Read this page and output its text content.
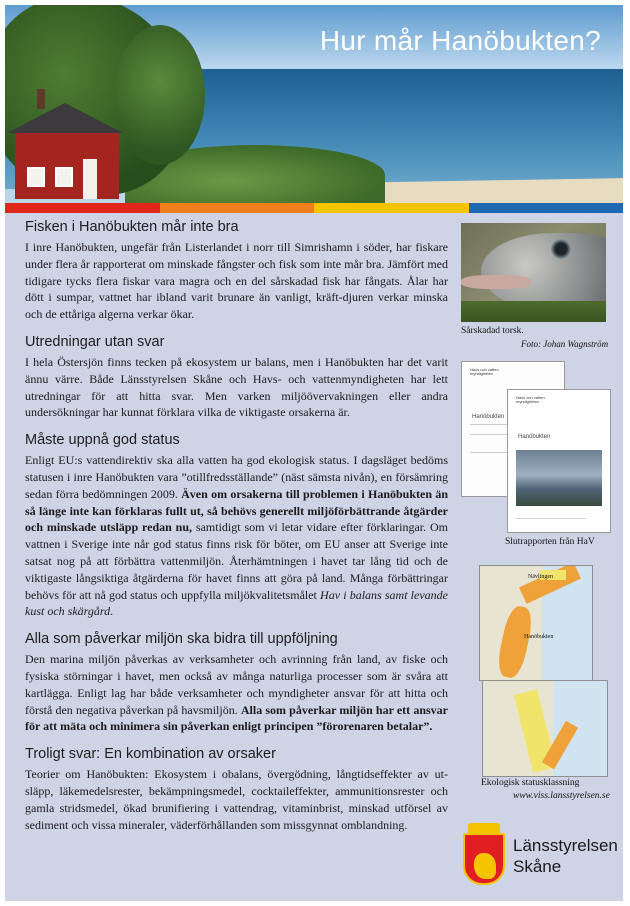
Hur mår Hanöbukten?
Fisken i Hanöbukten mår inte bra

I inre Hanöbukten, ungefär från Listerlandet i norr till Simrishamn i söder, har fiskare under flera år rapporterat om minskade fångster och fisk som inte mår bra. Jämfört med tidigare tycks flera fiskar vara magra och en del sårskadad fisk har fångats. Ålar har dött i sumpar, vattnet har ibland varit brunare än vanligt, kräft-djuren verkar minska och de ettåriga algerna verkar ökar.

Utredningar utan svar

I hela Östersjön finns tecken på ekosystem ur balans, men i Hanöbukten har det varit ännu värre. Både Länsstyrelsen Skåne och Havs- och vattenmyndigheten har lett utredningar för att hitta svar. Men varken miljöövervakningen eller andra undersökningar har kunnat förklara vilka de viktigaste orsakerna är.

Måste uppnå god status

Enligt EU:s vattendirektiv ska alla vatten ha god ekologisk status. I dagsläget bedöms statusen i inre Hanöbukten vara ”otillfredsställande” (näst sämsta nivån), en försämring sedan förra bedömningen 2009. Även om orsakerna till problemen i Hanöbukten än så länge inte kan förklaras fullt ut, så behövs generellt miljöförbättrande åtgärder och minskade utsläpp redan nu, samtidigt som vi letar vidare efter förklaringar. Om vattnen i Sverige inte når god status finns risk för böter, om EU anser att Sverige inte satsat nog på att förbättra vattenmiljön. Återhämtningen i havet tar lång tid och de viktigaste långsiktiga åtgärderna för havet finns att göra på land. Många förbättringar behövs för att nå god status och uppfylla miljökvalitetsmålet Hav i balans samt levande kust och skärgård.

Alla som påverkar miljön ska bidra till uppföljning

Den marina miljön påverkas av verksamheter och avrinning från land, av fiske och fysiska störningar i havet, men också av många naturliga processer som är svåra att kartlägga. Enligt lag har både verksamheter och myndigheter ansvar för att hitta och förstå den negativa påverkan på havsmiljön. Alla som påverkar miljön har ett ansvar för att mäta och minimera sin påverkan enligt principen ”förorenaren betalar”.

Troligt svar: En kombination av orsaker

Teorier om Hanöbukten: Ekosystem i obalans, övergödning, långtidseffekter av ut-släpp, läkemedelsrester, bekämpningsmedel, cocktaileffekter, ammunitionsrester och gamla stridsmedel, ökad brunifiering i vattendrag, vitaminbrist, minskad utförsel av sediment och vissa mineraler, väderförhållanden som missgynnat omblandning.

Sårskadad torsk.
Foto: Johan Wagnström
Havs och vatten myndigheten
Hanöbukten
Havs och vatten myndigheten
Hanöbukten
Slutrapporten från HaV
Nävlingen
Hanöbukten
Ekologisk statusklassning
www.viss.lansstyrelsen.se
Länsstyrelsen
Skåne
